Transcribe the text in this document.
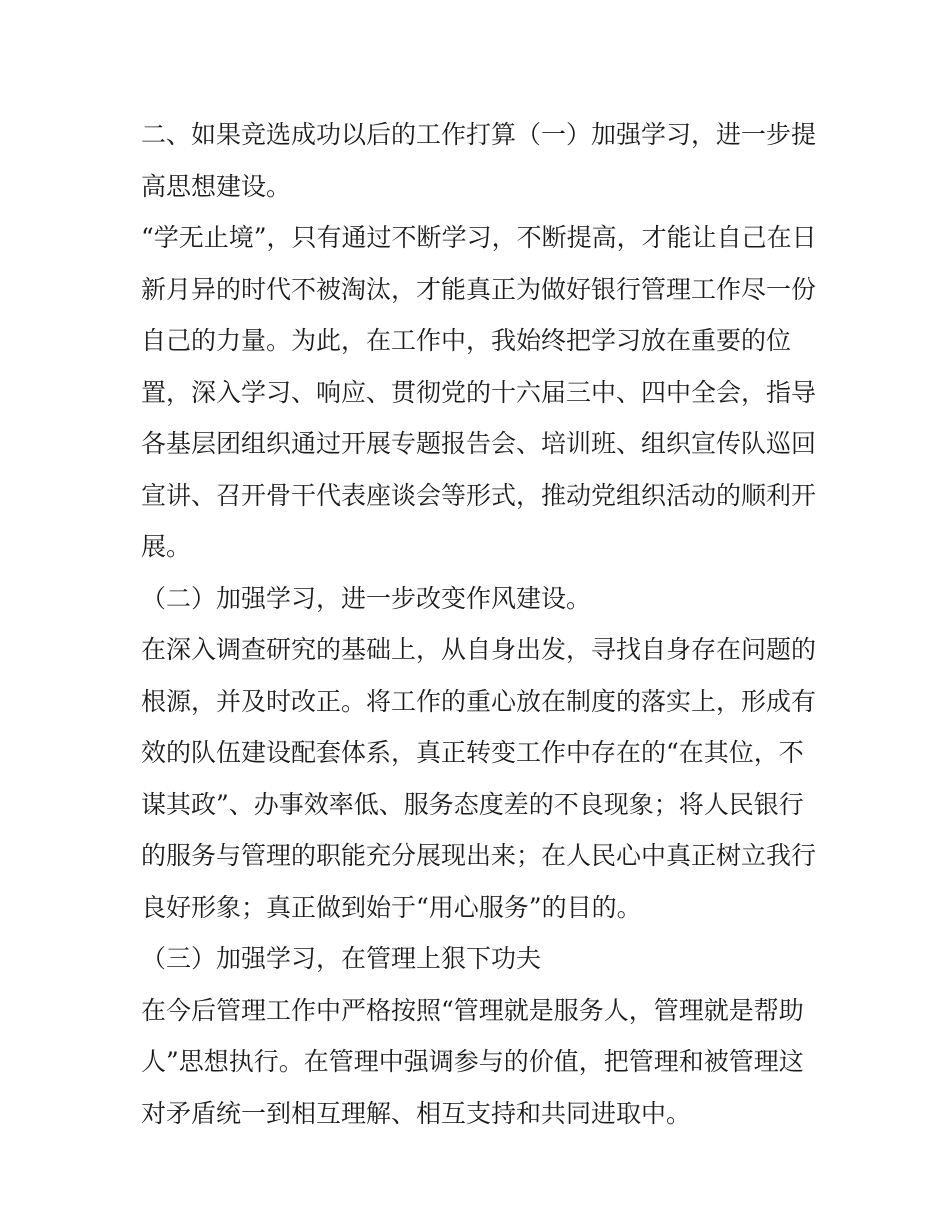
二、如果竞选成功以后的工作打算（一）加强学习，进一步提高思想建设。

“学无止境”，只有通过不断学习，不断提高，才能让自己在日新月异的时代不被淘汰，才能真正为做好银行管理工作尽一份自己的力量。为此，在工作中，我始终把学习放在重要的位置，深入学习、响应、贯彻党的十六届三中、四中全会，指导各基层团组织通过开展专题报告会、培训班、组织宣传队巡回宣讲、召开骨干代表座谈会等形式，推动党组织活动的顺利开展。

（二）加强学习，进一步改变作风建设。

在深入调查研究的基础上，从自身出发，寻找自身存在问题的根源，并及时改正。将工作的重心放在制度的落实上，形成有效的队伍建设配套体系，真正转变工作中存在的“在其位，不谋其政”、办事效率低、服务态度差的不良现象；将人民银行的服务与管理的职能充分展现出来；在人民心中真正树立我行良好形象；真正做到始于“用心服务”的目的。

（三）加强学习，在管理上狠下功夫

在今后管理工作中严格按照“管理就是服务人，管理就是帮助人”思想执行。在管理中强调参与的价值，把管理和被管理这对矛盾统一到相互理解、相互支持和共同进取中。
